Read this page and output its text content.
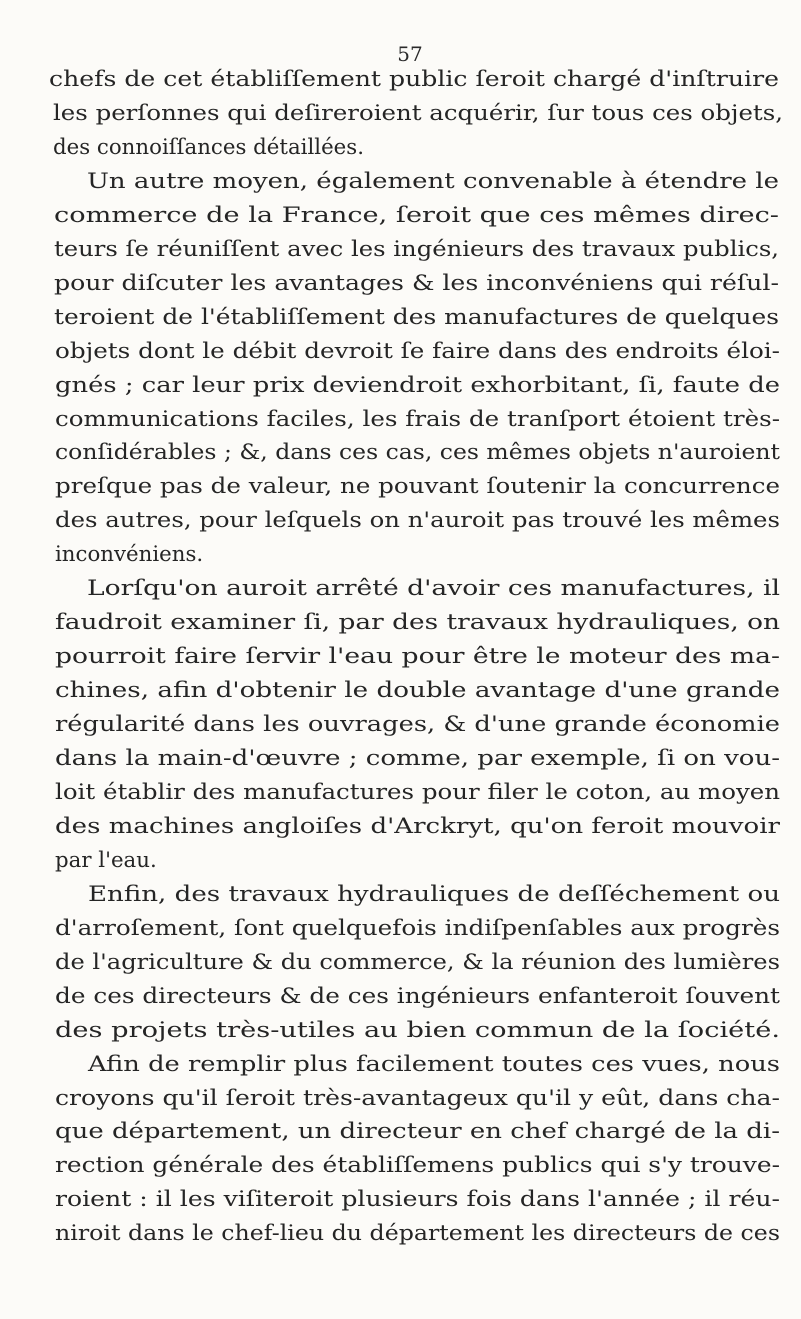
57
chefs de cet établiſſement public ſeroit chargé d'inſtruire
les perſonnes qui deſireroient acquérir, ſur tous ces objets,
des connoiſſances détaillées.
Un autre moyen, également convenable à étendre le
commerce de la France, ſeroit que ces mêmes direc-
teurs ſe réuniſſent avec les ingénieurs des travaux publics,
pour diſcuter les avantages & les inconvéniens qui réſul-
teroient de l'établiſſement des manufactures de quelques
objets dont le débit devroit ſe faire dans des endroits éloi-
gnés ; car leur prix deviendroit exhorbitant, ſi, faute de
communications faciles, les frais de tranſport étoient très-
conſidérables ; &, dans ces cas, ces mêmes objets n'auroient
preſque pas de valeur, ne pouvant ſoutenir la concurrence
des autres, pour leſquels on n'auroit pas trouvé les mêmes
inconvéniens.
Lorſqu'on auroit arrêté d'avoir ces manufactures, il
faudroit examiner ſi, par des travaux hydrauliques, on
pourroit faire ſervir l'eau pour être le moteur des ma-
chines, afin d'obtenir le double avantage d'une grande
régularité dans les ouvrages, & d'une grande économie
dans la main-d'œuvre ; comme, par exemple, ſi on vou-
loit établir des manufactures pour filer le coton, au moyen
des machines angloiſes d'Arckryt, qu'on feroit mouvoir
par l'eau.
Enfin, des travaux hydrauliques de deſſéchement ou
d'arroſement, ſont quelquefois indiſpenſables aux progrès
de l'agriculture & du commerce, & la réunion des lumières
de ces directeurs & de ces ingénieurs enfanteroit ſouvent
des projets très-utiles au bien commun de la ſociété.
Afin de remplir plus facilement toutes ces vues, nous
croyons qu'il ſeroit très-avantageux qu'il y eût, dans cha-
que département, un directeur en chef chargé de la di-
rection générale des établiſſemens publics qui s'y trouve-
roient : il les viſiteroit plusieurs fois dans l'année ; il réu-
niroit dans le chef-lieu du département les directeurs de ces
